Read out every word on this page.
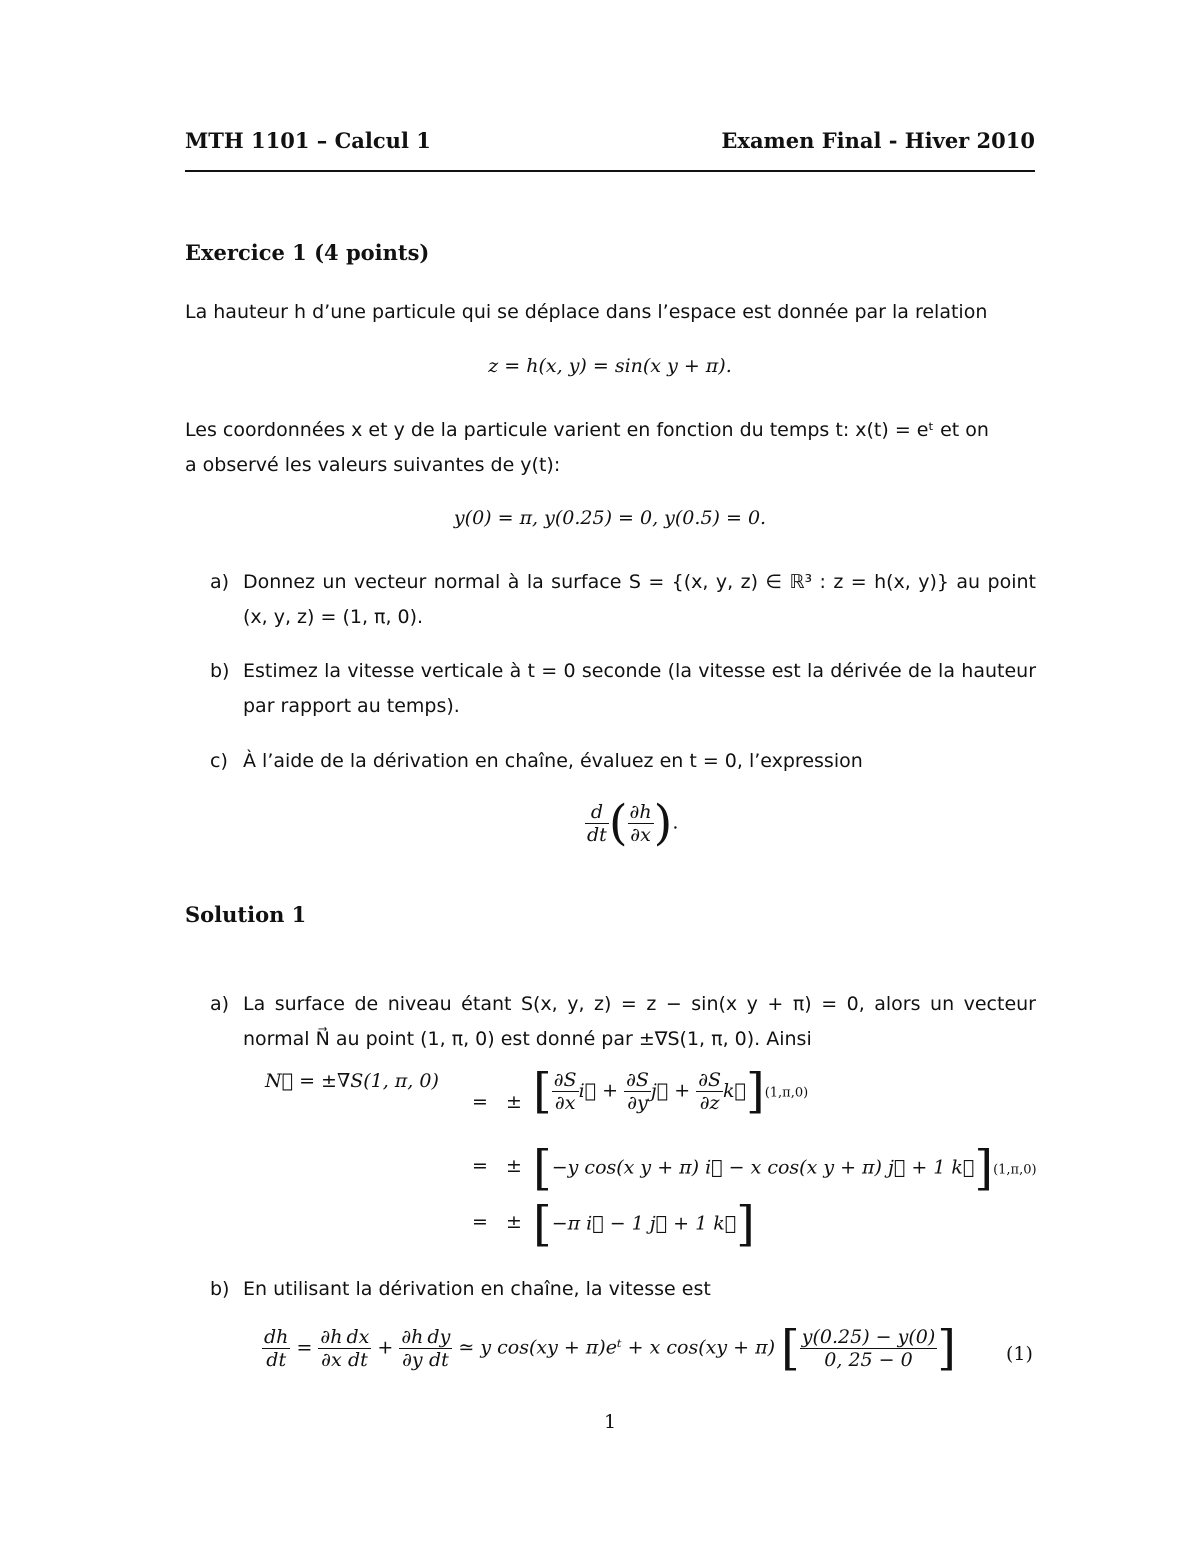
MTH 1101 – Calcul 1	Examen Final - Hiver 2010
Exercice 1 (4 points)
La hauteur h d’une particule qui se déplace dans l’espace est donnée par la relation
z = h(x, y) = sin(x y + π).
Les coordonnées x et y de la particule varient en fonction du temps t: x(t) = eᵗ et on
a observé les valeurs suivantes de y(t):
y(0) = π, y(0.25) = 0, y(0.5) = 0.
a) Donnez un vecteur normal à la surface S = {(x, y, z) ∈ ℝ³ : z = h(x, y)} au point (x, y, z) = (1, π, 0).
b) Estimez la vitesse verticale à t = 0 seconde (la vitesse est la dérivée de la hauteur par rapport au temps).
c) À l’aide de la dérivation en chaîne, évaluez en t = 0, l’expression
$\frac{d}{dt}$ ( $\frac{\partial h}{\partial x}$ ).
Solution 1
a) La surface de niveau étant S(x, y, z) = z − sin(x y + π) = 0, alors un vecteur normal N⃗ au point (1, π, 0) est donné par ±∇S(1, π, 0). Ainsi
N⃗ = ±∇S(1, π, 0)
=   ± [ $\frac{\partial S}{\partial x}$ i⃗ + $\frac{\partial S}{\partial y}$ j⃗ + $\frac{\partial S}{\partial z}$ k⃗](1,π,0)
=   ± [−y cos(x y + π) i⃗ − x cos(x y + π) j⃗ + 1 k⃗](1,π,0)
=   ± [−π i⃗ − 1 j⃗ + 1 k⃗]
b) En utilisant la dérivation en chaîne, la vitesse est
$\frac{dh}{dt} = \frac{\partial h}{\partial x} \frac{dx}{dt} + \frac{\partial h}{\partial y} \frac{dy}{dt}$ ≃ y cos(xy + π)eᵗ + x cos(xy + π) [ $\frac{y(0.25) - y(0)}{0, 25 - 0}$ ]	(1)
1
